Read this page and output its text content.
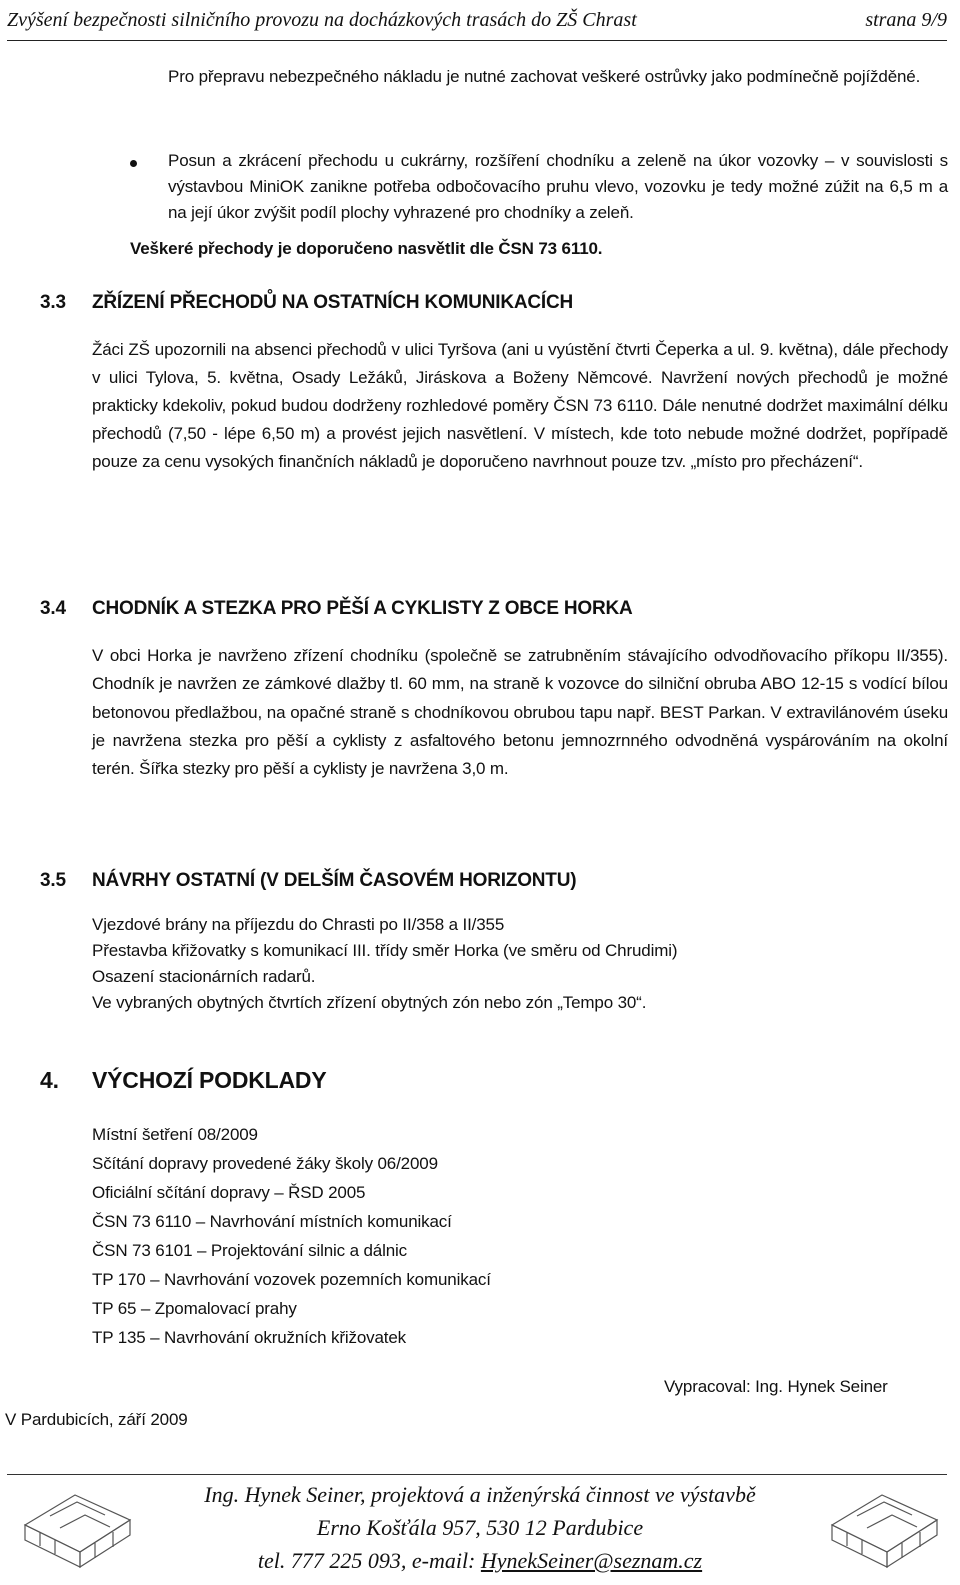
Zvýšení bezpečnosti silničního provozu na docházkových trasách do ZŠ Chrast	strana 9/9
Pro přepravu nebezpečného nákladu je nutné zachovat veškeré ostrůvky jako podmínečně pojížděné.
Posun a zkrácení přechodu u cukrárny, rozšíření chodníku a zeleně na úkor vozovky – v souvislosti s výstavbou MiniOK zanikne potřeba odbočovacího pruhu vlevo, vozovku je tedy možné zúžit na 6,5 m a na její úkor zvýšit podíl plochy vyhrazené pro chodníky a zeleň.
Veškeré přechody je doporučeno nasvětlit dle ČSN 73 6110.
3.3 ZŘÍZENÍ PŘECHODŮ NA OSTATNÍCH KOMUNIKACÍCH
Žáci ZŠ upozornili na absenci přechodů v ulici Tyršova (ani u vyústění čtvrti Čeperka a ul. 9. května), dále přechody v ulici Tylova, 5. května, Osady Ležáků, Jiráskova a Boženy Němcové. Navržení nových přechodů je možné prakticky kdekoliv, pokud budou dodrženy rozhledové poměry ČSN 73 6110. Dále nenutné dodržet maximální délku přechodů (7,50 - lépe 6,50 m) a provést jejich nasvětlení. V místech, kde toto nebude možné dodržet, popřípadě pouze za cenu vysokých finančních nákladů je doporučeno navrhnout pouze tzv. „místo pro přecházení“.
3.4 CHODNÍK A STEZKA PRO PĚŠÍ A CYKLISTY Z OBCE HORKA
V obci Horka je navrženo zřízení chodníku (společně se zatrubněním stávajícího odvodňovacího příkopu II/355). Chodník je navržen ze zámkové dlažby tl. 60 mm, na straně k vozovce do silniční obruba ABO 12-15 s vodící bílou betonovou předlažbou, na opačné straně s chodníkovou obrubou tapu např. BEST Parkan. V extravilánovém úseku je navržena stezka pro pěší a cyklisty z asfaltového betonu jemnozrnného odvodněná vyspárováním na okolní terén. Šířka stezky pro pěší a cyklisty je navržena 3,0 m.
3.5 NÁVRHY OSTATNÍ (V DELŠÍM ČASOVÉM HORIZONTU)
Vjezdové brány na příjezdu do Chrasti po II/358 a II/355
Přestavba křižovatky s komunikací III. třídy směr Horka (ve směru od Chrudimi)
Osazení stacionárních radarů.
Ve vybraných obytných čtvrtích zřízení obytných zón nebo zón „Tempo 30“.
4. VÝCHOZÍ PODKLADY
Místní šetření 08/2009
Sčítání dopravy provedené žáky školy 06/2009
Oficiální sčítání dopravy – ŘSD 2005
ČSN 73 6110 – Navrhování místních komunikací
ČSN 73 6101 – Projektování silnic a dálnic
TP 170 – Navrhování vozovek pozemních komunikací
TP 65 – Zpomalovací prahy
TP 135 – Navrhování okružních křižovatek
Vypracoval: Ing. Hynek Seiner
V Pardubicích, září 2009
Ing. Hynek Seiner, projektová a inženýrská činnost ve výstavbě
Erno Košťála 957, 530 12 Pardubice
tel. 777 225 093, e-mail: HynekSeiner@seznam.cz
